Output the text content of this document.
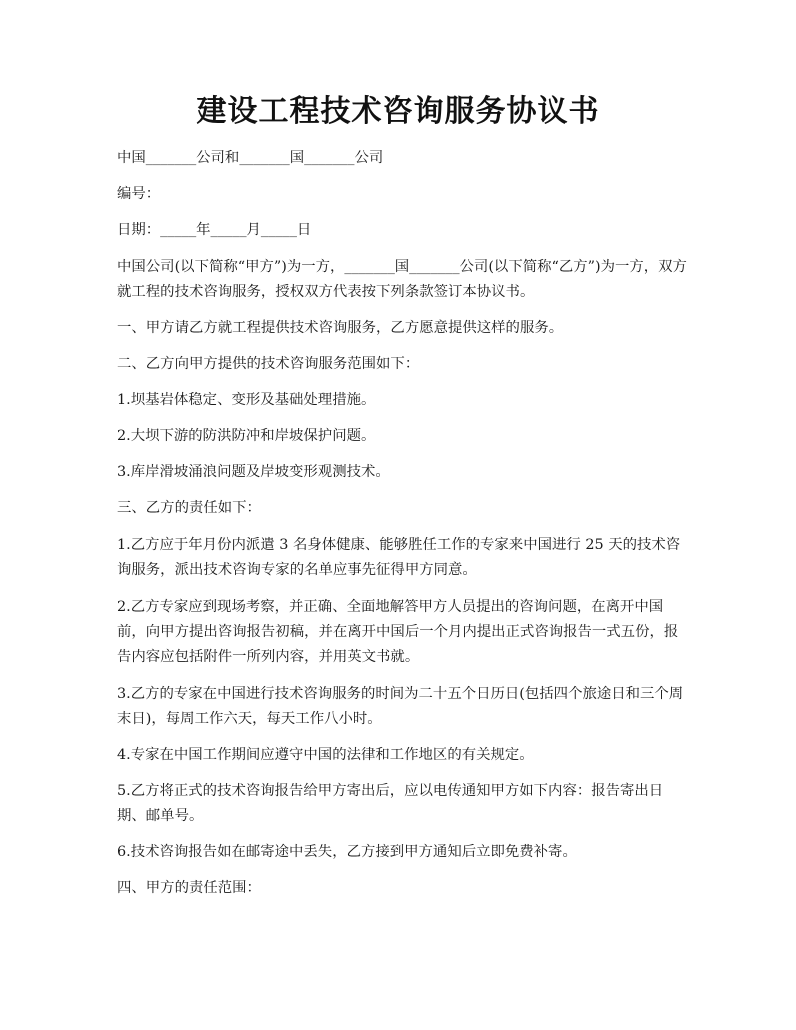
建设工程技术咨询服务协议书

中国_______公司和_______国_______公司

编号：

日期：_____年_____月_____日

中国公司(以下简称“甲方”)为一方，_______国_______公司(以下简称“乙方”)为一方，双方就工程的技术咨询服务，授权双方代表按下列条款签订本协议书。

一、甲方请乙方就工程提供技术咨询服务，乙方愿意提供这样的服务。

二、乙方向甲方提供的技术咨询服务范围如下：

1.坝基岩体稳定、变形及基础处理措施。

2.大坝下游的防洪防冲和岸坡保护问题。

3.库岸滑坡涌浪问题及岸坡变形观测技术。

三、乙方的责任如下：

1.乙方应于年月份内派遣 3 名身体健康、能够胜任工作的专家来中国进行 25 天的技术咨询服务，派出技术咨询专家的名单应事先征得甲方同意。

2.乙方专家应到现场考察，并正确、全面地解答甲方人员提出的咨询问题，在离开中国前，向甲方提出咨询报告初稿，并在离开中国后一个月内提出正式咨询报告一式五份，报告内容应包括附件一所列内容，并用英文书就。

3.乙方的专家在中国进行技术咨询服务的时间为二十五个日历日(包括四个旅途日和三个周末日)，每周工作六天，每天工作八小时。

4.专家在中国工作期间应遵守中国的法律和工作地区的有关规定。

5.乙方将正式的技术咨询报告给甲方寄出后，应以电传通知甲方如下内容：报告寄出日期、邮单号。

6.技术咨询报告如在邮寄途中丢失，乙方接到甲方通知后立即免费补寄。

四、甲方的责任范围：
